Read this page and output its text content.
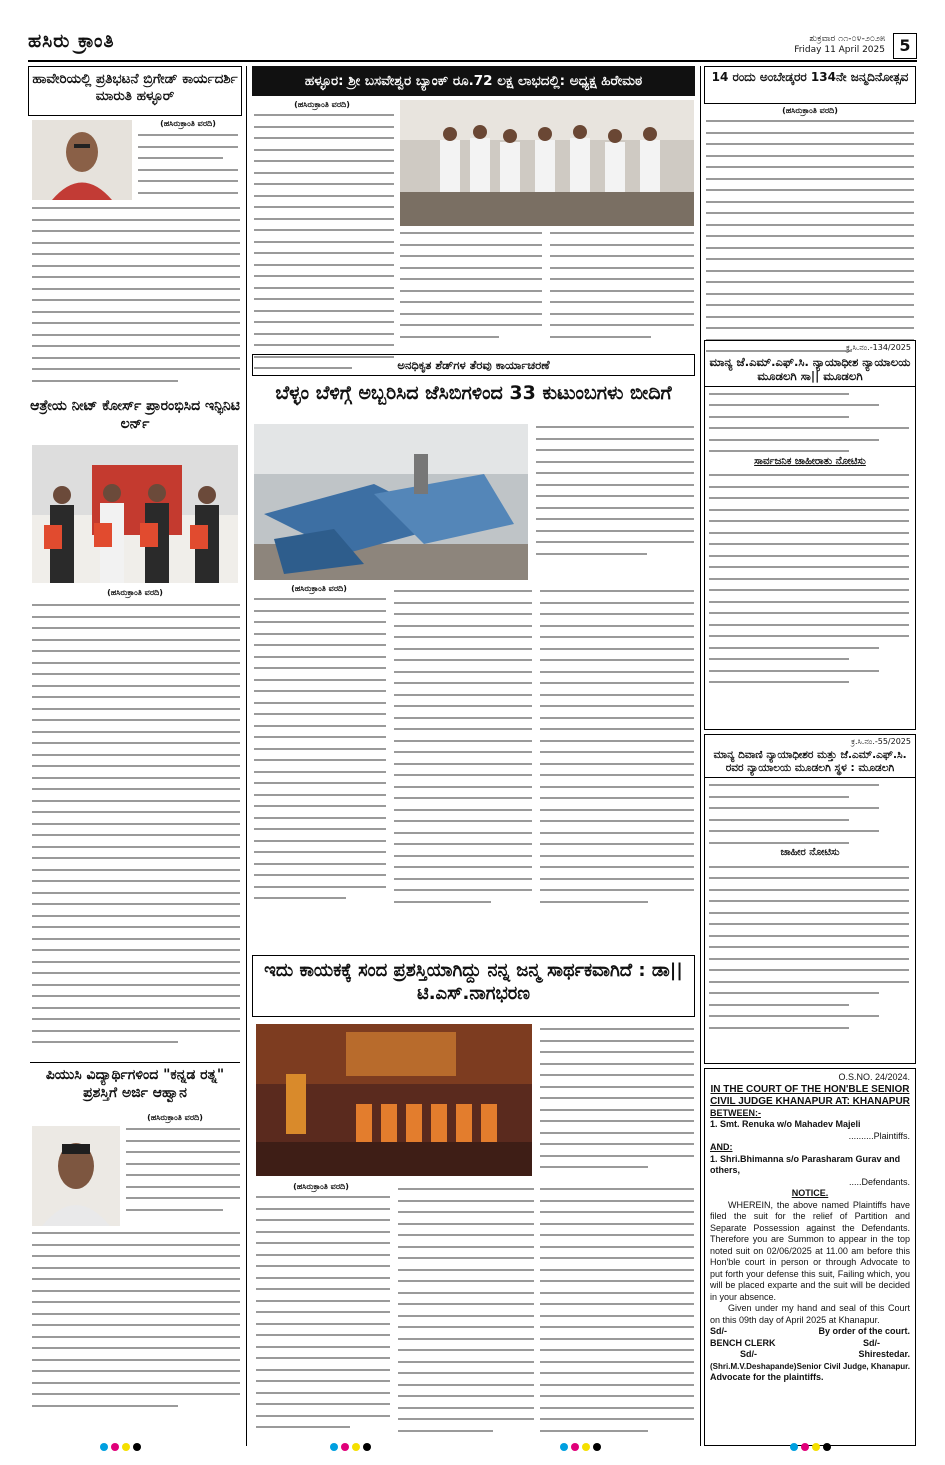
ಹಸಿರು ಕ್ರಾಂತಿ	ಶುಕ್ರವಾರ ೧೧-೦೪-೨೦೨೫
Friday 11 April 2025 5
ಹಾವೇರಿಯಲ್ಲಿ ಪ್ರತಿಭಟನೆ ಬ್ರಿಗೇಡ್ ಕಾರ್ಯದರ್ಶಿ ಮಾರುತಿ ಹಳ್ಳೂರ್
(ಹಸಿರುಕ್ರಾಂತಿ ವರದಿ)
ಆತ್ರೇಯ ನೀಟ್ ಕೋರ್ಸ್ ಪ್ರಾರಂಭಿಸಿದ ಇನ್ಫಿನಿಟಿ ಲರ್ನ್
(ಹಸಿರುಕ್ರಾಂತಿ ವರದಿ)
ಪಿಯುಸಿ ವಿದ್ಯಾರ್ಥಿಗಳಿಂದ "ಕನ್ನಡ ರತ್ನ" ಪ್ರಶಸ್ತಿಗೆ ಅರ್ಜಿ ಆಹ್ವಾನ
(ಹಸಿರುಕ್ರಾಂತಿ ವರದಿ)
ಹಳ್ಳೂರ: ಶ್ರೀ ಬಸವೇಶ್ವರ ಬ್ಯಾಂಕ್ ರೂ.72 ಲಕ್ಷ ಲಾಭದಲ್ಲಿ: ಅಧ್ಯಕ್ಷ ಹಿರೇಮಠ
(ಹಸಿರುಕ್ರಾಂತಿ ವರದಿ)
ಅನಧಿಕೃತ ಶೆಡ್‌ಗಳ ತೆರವು ಕಾರ್ಯಾಚರಣೆ
ಬೆಳ್ಳಂ ಬೆಳಿಗ್ಗೆ ಅಬ್ಬರಿಸಿದ ಜೆಸಿಬಿಗಳಿಂದ 33 ಕುಟುಂಬಗಳು ಬೀದಿಗೆ
(ಹಸಿರುಕ್ರಾಂತಿ ವರದಿ)
ಇದು ಕಾಯಕಕ್ಕೆ ಸಂದ ಪ್ರಶಸ್ತಿಯಾಗಿದ್ದು ನನ್ನ ಜನ್ಮ ಸಾರ್ಥಕವಾಗಿದೆ : ಡಾ|| ಟಿ.ಎಸ್.ನಾಗಭರಣ
(ಹಸಿರುಕ್ರಾಂತಿ ವರದಿ)
14 ರಂದು ಅಂಬೇಡ್ಕರರ 134ನೇ ಜನ್ಮದಿನೋತ್ಸವ
(ಹಸಿರುಕ್ರಾಂತಿ ವರದಿ)
ಕ್ರ.ಸಿ.ನಂ.-134/2025
ಮಾನ್ಯ ಜೆ.ಎಮ್.ಎಫ್.ಸಿ. ನ್ಯಾಯಾಧೀಶ ನ್ಯಾಯಾಲಯ ಮೂಡಲಗಿ ಸಾ|| ಮೂಡಲಗಿ
ಸಾರ್ವಜನಿಕ ಜಾಹೀರಾತು ನೋಟಿಸು
ಕ್ರ.ಸಿ.ನಂ.-55/2025
ಮಾನ್ಯ ದಿವಾಣಿ ನ್ಯಾಯಾಧೀಶರ ಮತ್ತು ಜೆ.ಎಮ್.ಎಫ್.ಸಿ. ರವರ ನ್ಯಾಯಾಲಯ ಮೂಡಲಗಿ ಸ್ಥಳ : ಮೂಡಲಗಿ
ಜಾಹೀರ ನೋಟಿಸು
O.S.NO. 24/2024.
IN THE COURT OF THE HON'BLE SENIOR CIVIL JUDGE KHANAPUR AT: KHANAPUR
BETWEEN:-
1. Smt. Renuka w/o Mahadev Majeli
..........Plaintiffs.
AND:
1. Shri.Bhimanna s/o Parasharam Gurav and others,
.....Defendants.
NOTICE.
WHEREIN, the above named Plaintiffs have filed the suit for the relief of Partition and Separate Possession against the Defendants. Therefore you are Summon to appear in the top noted suit on 02/06/2025 at 11.00 am before this Hon'ble court in person or through Advocate to put forth your defense this suit, Failing which, you will be placed exparte and the suit will be decided in your absence.
Given under my hand and seal of this Court on this 09th day of April 2025 at Khanapur.
Sd/-	By order of the court.
BENCH CLERK	Sd/-
Sd/-	Shirestedar.
(Shri.M.V.Deshapande) Senior Civil Judge, Khanapur.
Advocate for the plaintiffs.
